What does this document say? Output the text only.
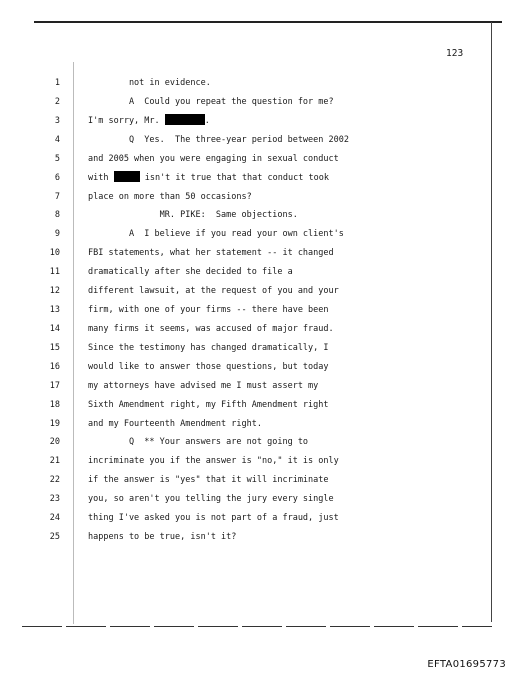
123
1	not in evidence.
2	A  Could you repeat the question for me?
3	I'm sorry, Mr.	.
4	Q  Yes.  The three-year period between 2002
5	and 2005 when you were engaging in sexual conduct
6	with	isn't it true that that conduct took
7	place on more than 50 occasions?
8	MR. PIKE:  Same objections.
9	A  I believe if you read your own client's
10	FBI statements, what her statement -- it changed
11	dramatically after she decided to file a
12	different lawsuit, at the request of you and your
13	firm, with one of your firms -- there have been
14	many firms it seems, was accused of major fraud.
15	Since the testimony has changed dramatically, I
16	would like to answer those questions, but today
17	my attorneys have advised me I must assert my
18	Sixth Amendment right, my Fifth Amendment right
19	and my Fourteenth Amendment right.
20	Q  ** Your answers are not going to
21	incriminate you if the answer is "no," it is only
22	if the answer is "yes" that it will incriminate
23	you, so aren't you telling the jury every single
24	thing I've asked you is not part of a fraud, just
25	happens to be true, isn't it?
EFTA01695773
